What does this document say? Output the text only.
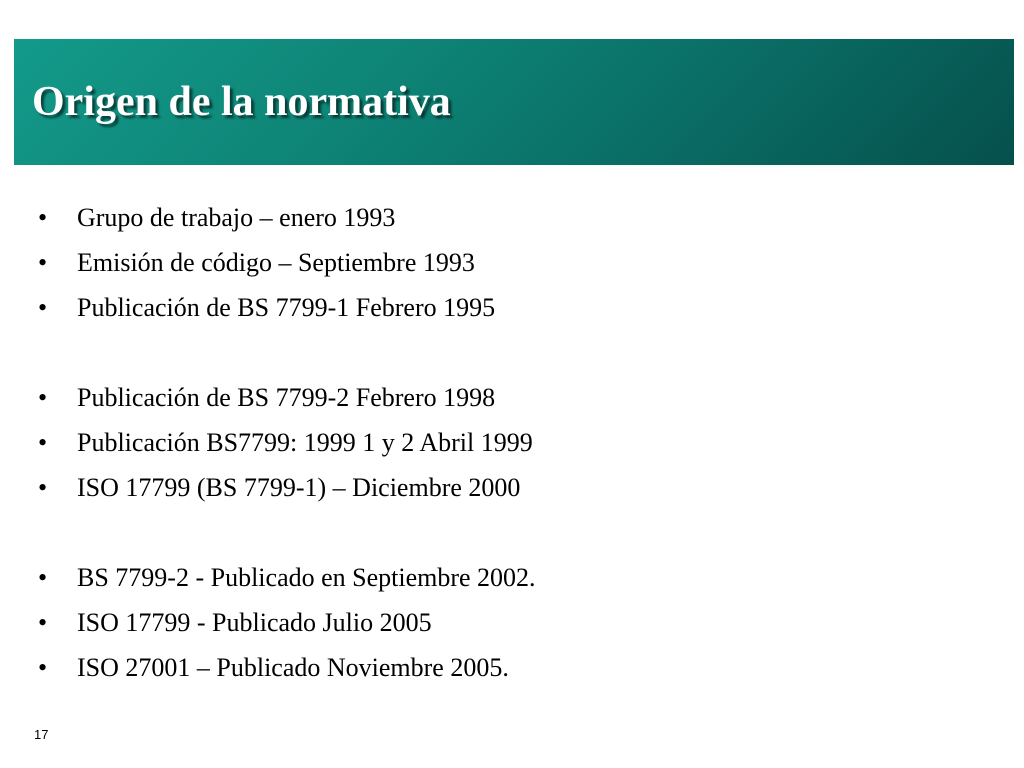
Origen de la normativa
•	Grupo de trabajo – enero 1993
•	Emisión de código – Septiembre 1993
•	Publicación de BS 7799-1 Febrero 1995
•	Publicación de BS 7799-2 Febrero 1998
•	Publicación BS7799: 1999 1 y 2 Abril 1999
•	ISO 17799 (BS 7799-1) – Diciembre 2000
•	BS 7799-2 - Publicado en Septiembre 2002.
•	ISO 17799 - Publicado Julio 2005
•	ISO 27001 – Publicado Noviembre 2005.
17
